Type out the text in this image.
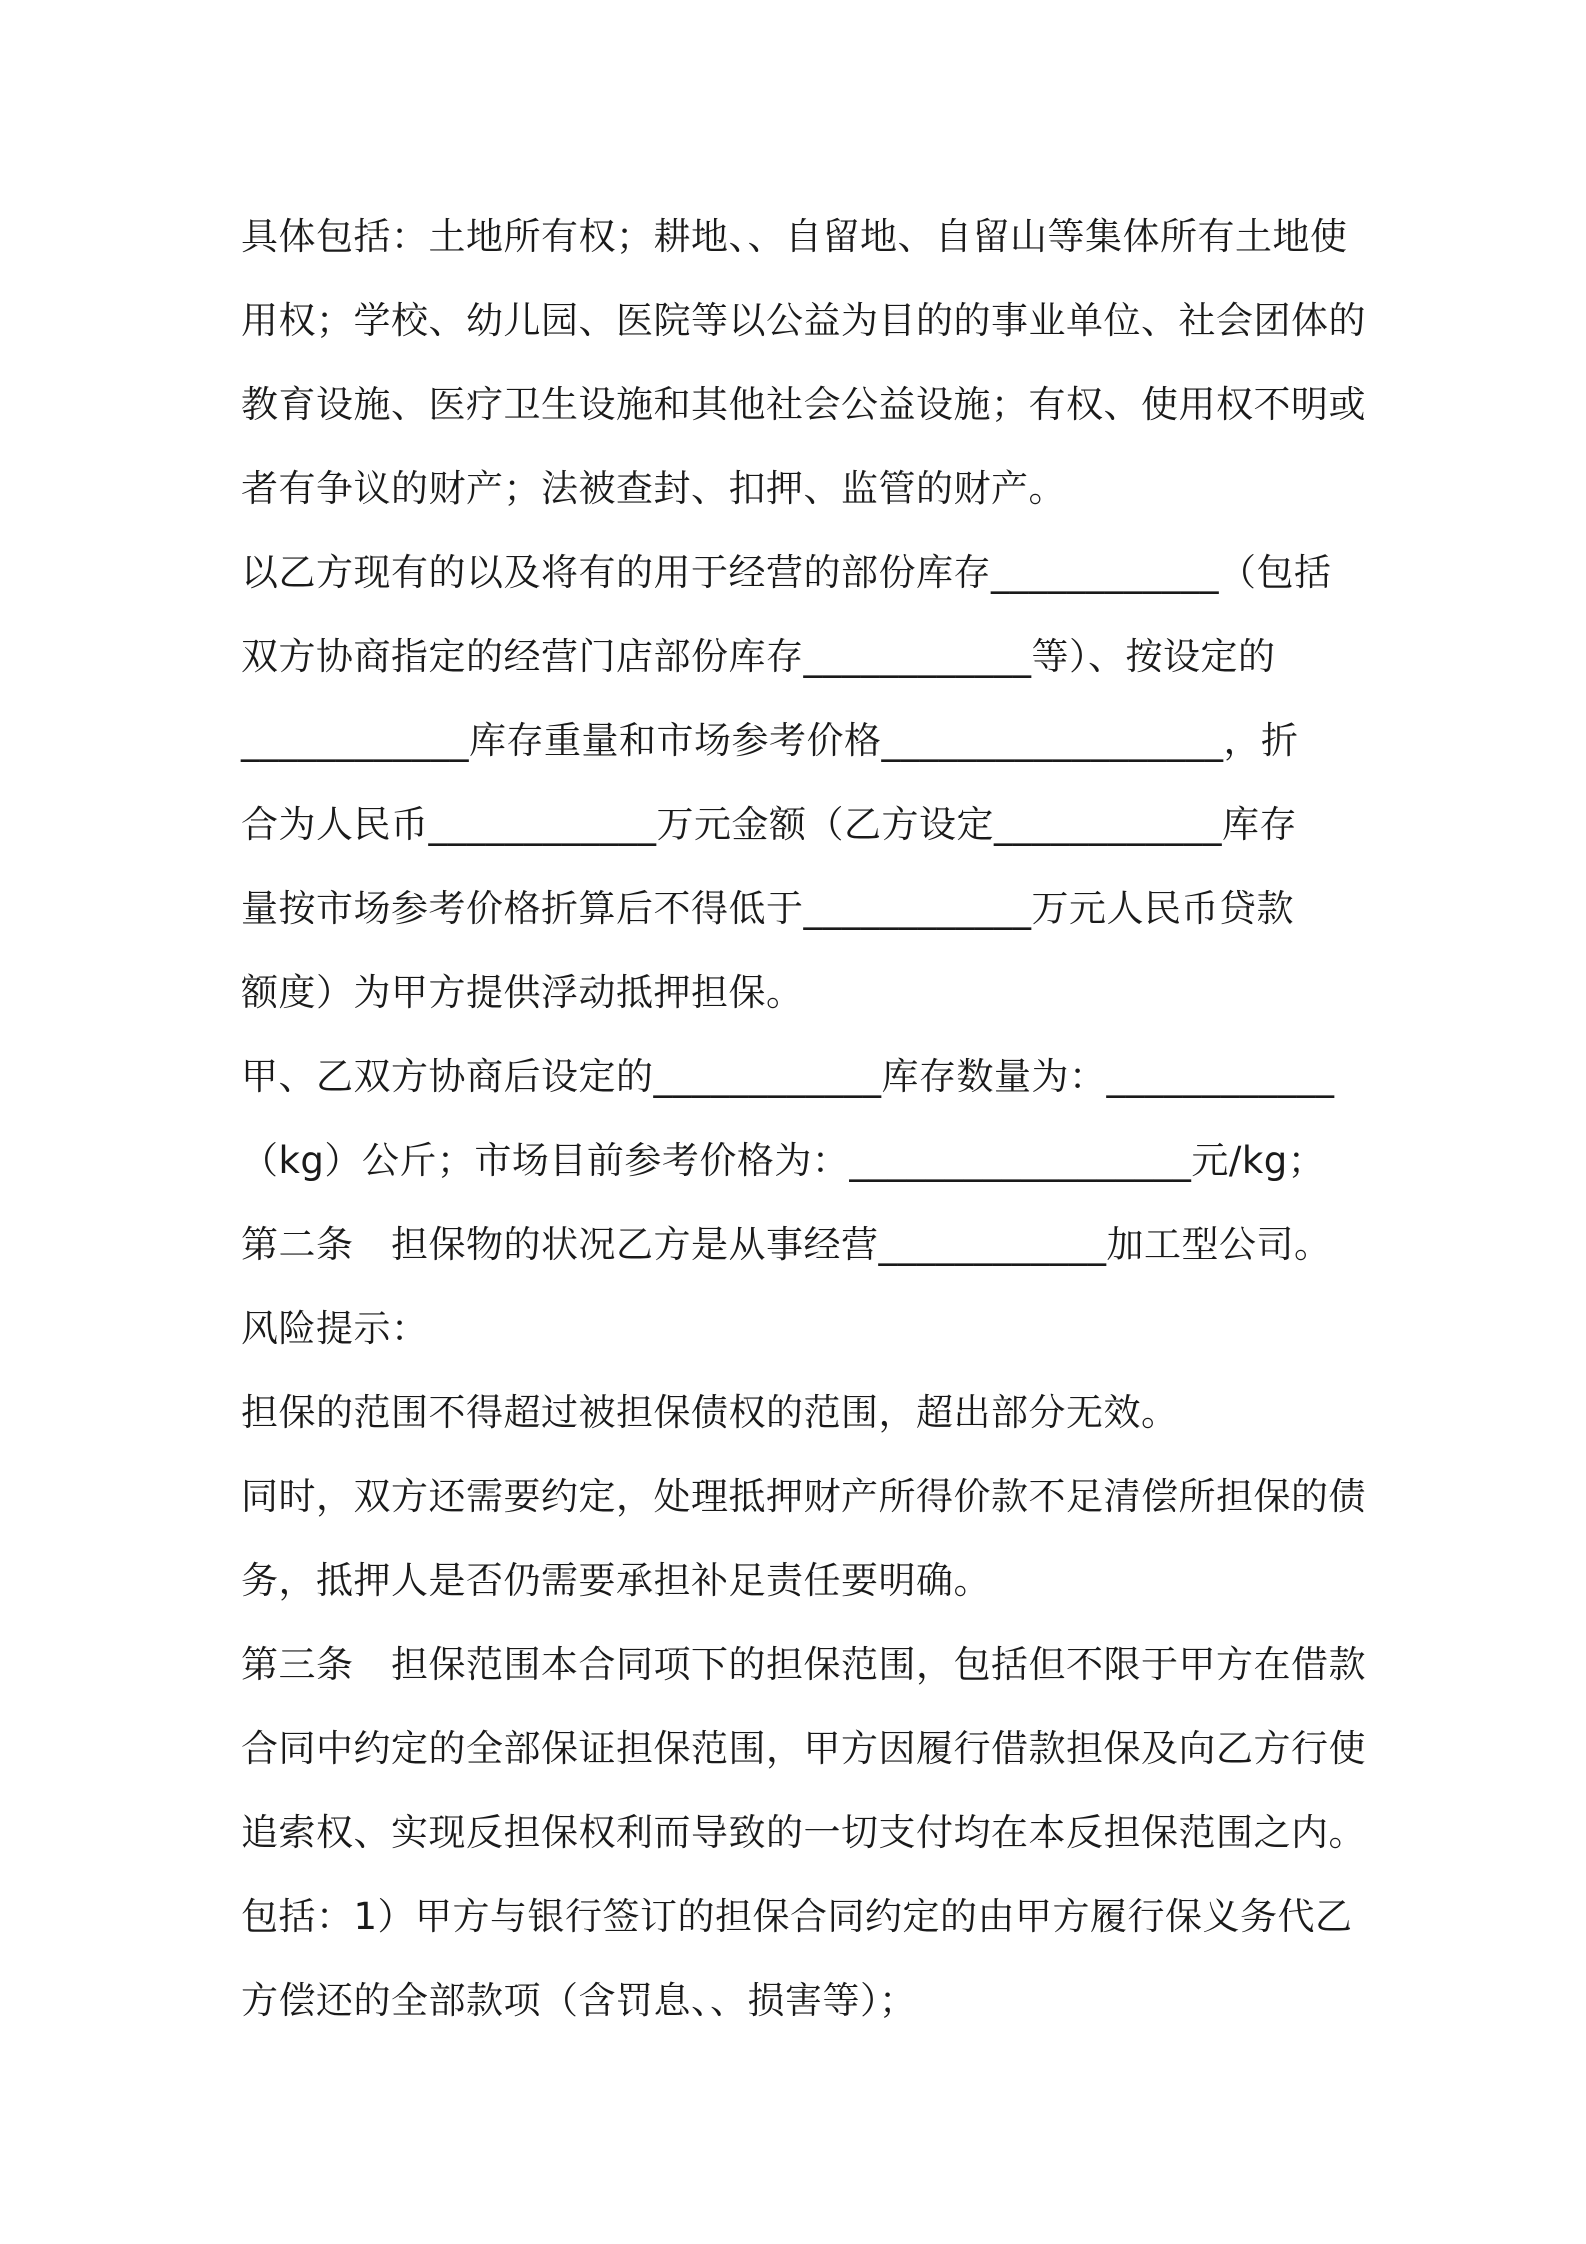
具体包括：土地所有权；耕地、、自留地、自留山等集体所有土地使
用权；学校、幼儿园、医院等以公益为目的的事业单位、社会团体的
教育设施、医疗卫生设施和其他社会公益设施；有权、使用权不明或
者有争议的财产；法被查封、扣押、监管的财产。
以乙方现有的以及将有的用于经营的部份库存____________（包括
双方协商指定的经营门店部份库存____________等）、按设定的
____________库存重量和市场参考价格__________________，折
合为人民币____________万元金额（乙方设定____________库存
量按市场参考价格折算后不得低于____________万元人民币贷款
额度）为甲方提供浮动抵押担保。
甲、乙双方协商后设定的____________库存数量为：____________
（kg）公斤；市场目前参考价格为：__________________元/kg；
第二条　担保物的状况乙方是从事经营____________加工型公司。
风险提示：
担保的范围不得超过被担保债权的范围，超出部分无效。
同时，双方还需要约定，处理抵押财产所得价款不足清偿所担保的债
务，抵押人是否仍需要承担补足责任要明确。
第三条　担保范围本合同项下的担保范围，包括但不限于甲方在借款
合同中约定的全部保证担保范围，甲方因履行借款担保及向乙方行使
追索权、实现反担保权利而导致的一切支付均在本反担保范围之内。
包括：1）甲方与银行签订的担保合同约定的由甲方履行保义务代乙
方偿还的全部款项（含罚息、、损害等）；
